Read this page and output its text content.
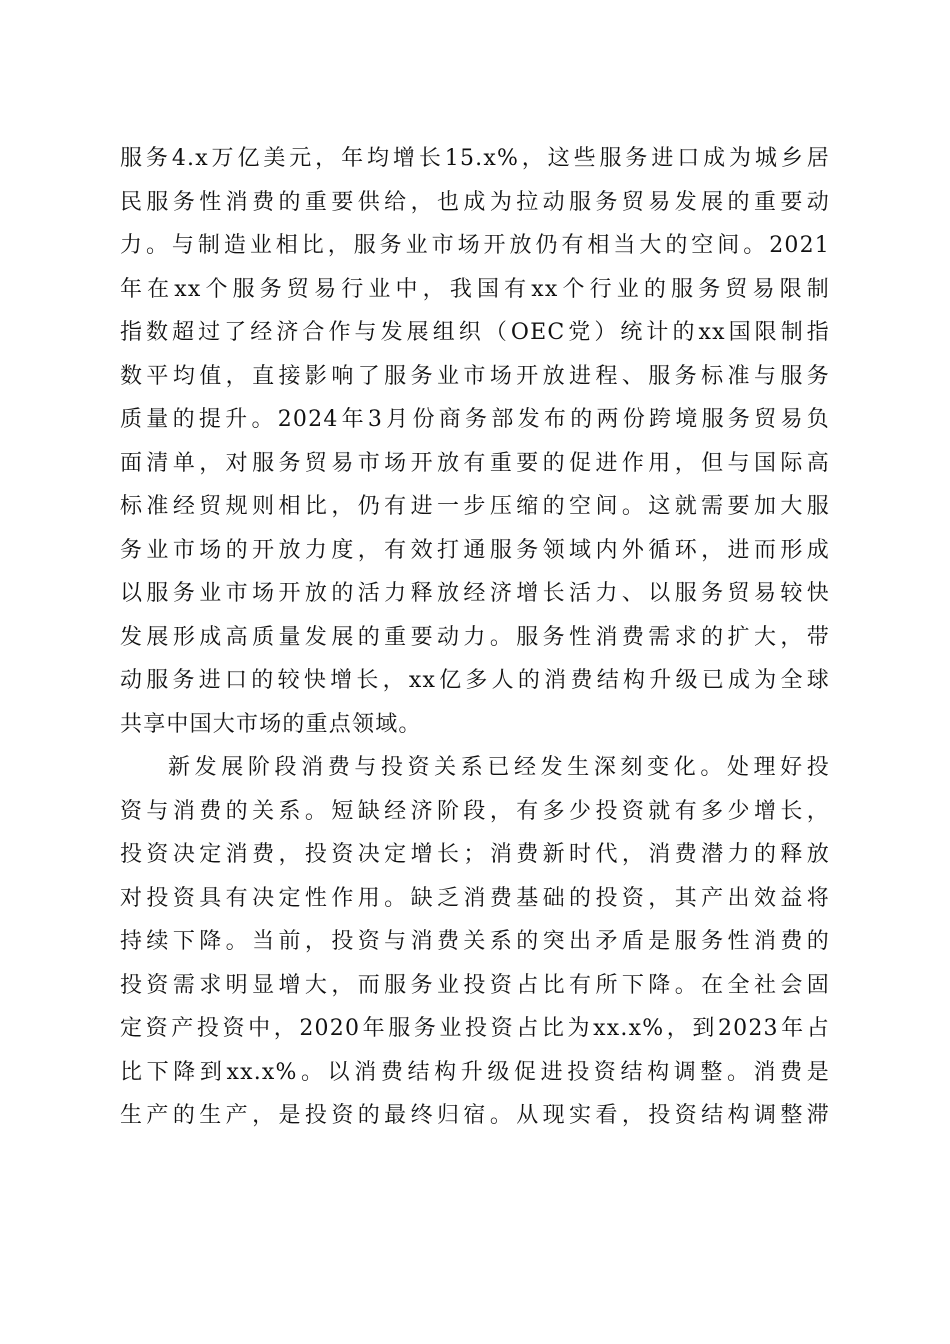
服务4.x万亿美元，年均增长15.x%，这些服务进口成为城乡居
民服务性消费的重要供给，也成为拉动服务贸易发展的重要动
力。与制造业相比，服务业市场开放仍有相当大的空间。2021
年在xx个服务贸易行业中，我国有xx个行业的服务贸易限制
指数超过了经济合作与发展组织（OEC党）统计的xx国限制指
数平均值，直接影响了服务业市场开放进程、服务标准与服务
质量的提升。2024年3月份商务部发布的两份跨境服务贸易负
面清单，对服务贸易市场开放有重要的促进作用，但与国际高
标准经贸规则相比，仍有进一步压缩的空间。这就需要加大服
务业市场的开放力度，有效打通服务领域内外循环，进而形成
以服务业市场开放的活力释放经济增长活力、以服务贸易较快
发展形成高质量发展的重要动力。服务性消费需求的扩大，带
动服务进口的较快增长，xx亿多人的消费结构升级已成为全球
共享中国大市场的重点领域。
新发展阶段消费与投资关系已经发生深刻变化。处理好投
资与消费的关系。短缺经济阶段，有多少投资就有多少增长，
投资决定消费，投资决定增长；消费新时代，消费潜力的释放
对投资具有决定性作用。缺乏消费基础的投资，其产出效益将
持续下降。当前，投资与消费关系的突出矛盾是服务性消费的
投资需求明显增大，而服务业投资占比有所下降。在全社会固
定资产投资中，2020年服务业投资占比为xx.x%，到2023年占
比下降到xx.x%。以消费结构升级促进投资结构调整。消费是
生产的生产，是投资的最终归宿。从现实看，投资结构调整滞
